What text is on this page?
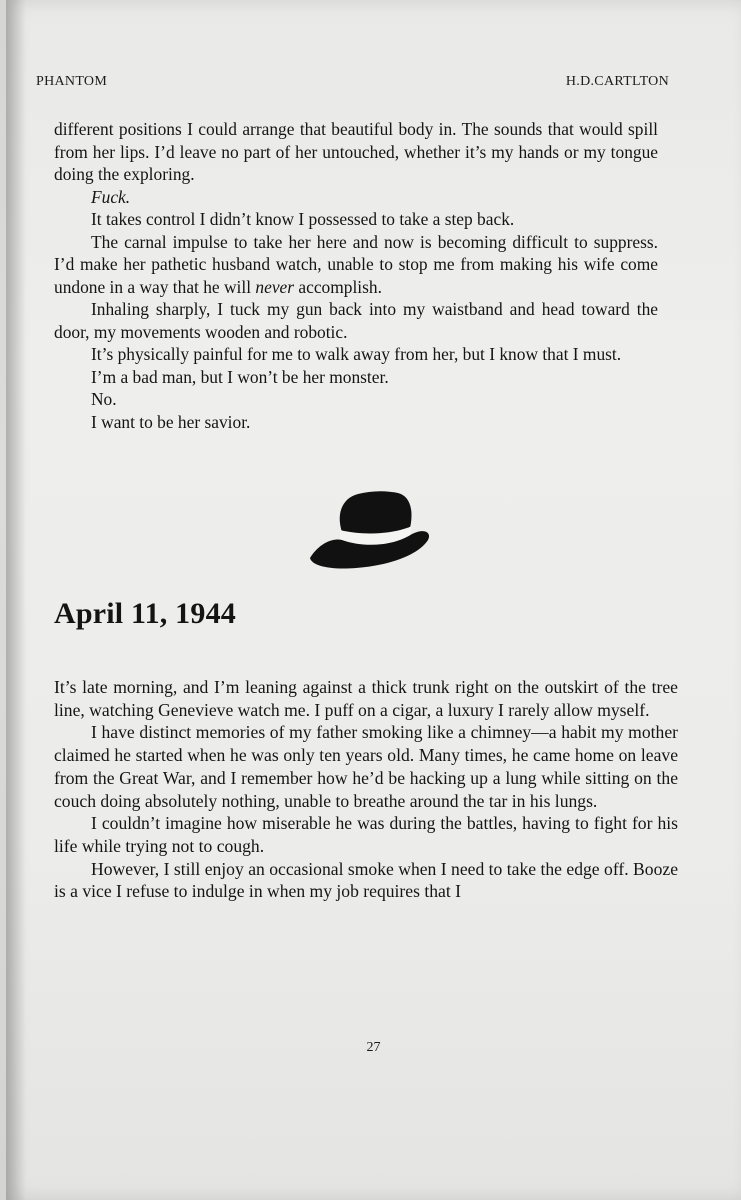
PHANTOM	H.D.CARTLTON

different positions I could arrange that beautiful body in. The sounds that would spill from her lips. I’d leave no part of her untouched, whether it’s my hands or my tongue doing the exploring.

Fuck.

It takes control I didn’t know I possessed to take a step back.

The carnal impulse to take her here and now is becoming difficult to suppress. I’d make her pathetic husband watch, unable to stop me from making his wife come undone in a way that he will never accomplish.

Inhaling sharply, I tuck my gun back into my waistband and head toward the door, my movements wooden and robotic.

It’s physically painful for me to walk away from her, but I know that I must.

I’m a bad man, but I won’t be her monster.

No.

I want to be her savior.

April 11, 1944

It’s late morning, and I’m leaning against a thick trunk right on the outskirt of the tree line, watching Genevieve watch me. I puff on a cigar, a luxury I rarely allow myself.

I have distinct memories of my father smoking like a chimney—a habit my mother claimed he started when he was only ten years old. Many times, he came home on leave from the Great War, and I remember how he’d be hacking up a lung while sitting on the couch doing absolutely nothing, unable to breathe around the tar in his lungs.

I couldn’t imagine how miserable he was during the battles, having to fight for his life while trying not to cough.

However, I still enjoy an occasional smoke when I need to take the edge off. Booze is a vice I refuse to indulge in when my job requires that I

27
